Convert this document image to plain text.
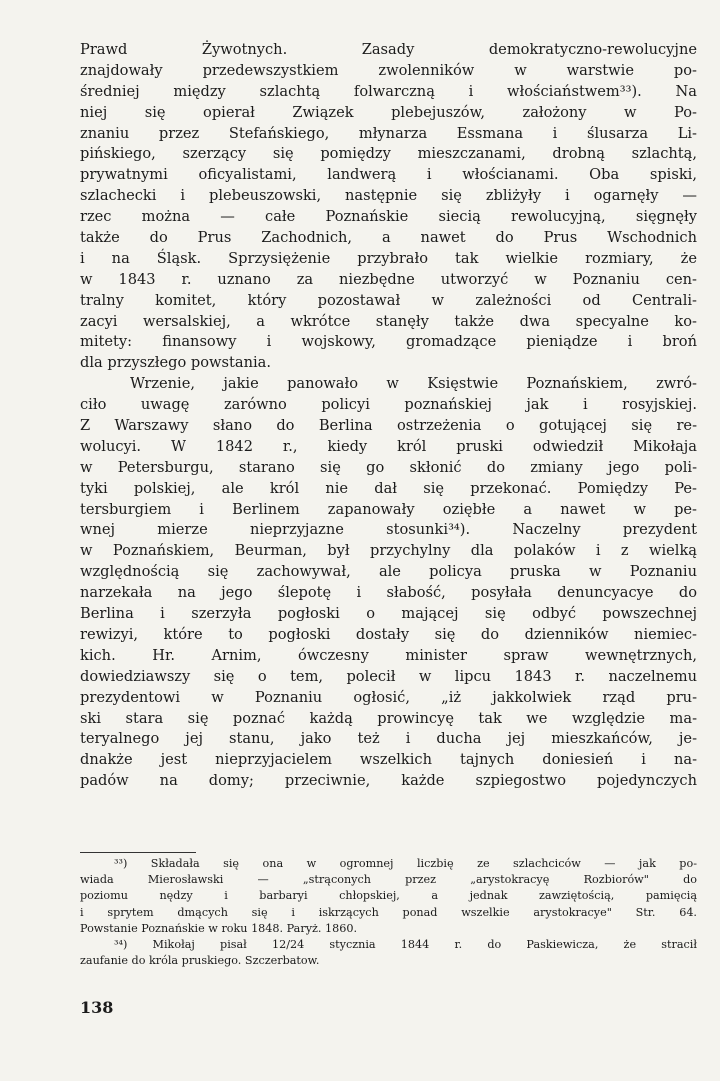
Prawd Żywotnych. Zasady demokratyczno-rewolucyjne
znajdowały przedewszystkiem zwolenników w warstwie po-
średniej między szlachtą folwarczną i włościaństwem³³). Na
niej się opierał Związek plebejuszów, założony w Po-
znaniu przez Stefańskiego, młynarza Essmana i ślusarza Li-
pińskiego, szerzący się pomiędzy mieszczanami, drobną szlachtą,
prywatnymi oficyalistami, landwerą i włościanami. Oba spiski,
szlachecki i plebeuszowski, następnie się zbliżyły i ogarnęły —
rzec można — całe Poznańskie siecią rewolucyjną, sięgnęły
także do Prus Zachodnich, a nawet do Prus Wschodnich
i na Śląsk. Sprzysiężenie przybrało tak wielkie rozmiary, że
w 1843 r. uznano za niezbędne utworzyć w Poznaniu cen-
tralny komitet, który pozostawał w zależności od Centrali-
zacyi wersalskiej, a wkrótce stanęły także dwa specyalne ko-
mitety: finansowy i wojskowy, gromadzące pieniądze i broń
dla przyszłego powstania.
Wrzenie, jakie panowało w Księstwie Poznańskiem, zwró-
ciło uwagę zarówno policyi poznańskiej jak i rosyjskiej.
Z Warszawy słano do Berlina ostrzeżenia o gotującej się re-
wolucyi. W 1842 r., kiedy król pruski odwiedził Mikołaja
w Petersburgu, starano się go skłonić do zmiany jego poli-
tyki polskiej, ale król nie dał się przekonać. Pomiędzy Pe-
tersburgiem i Berlinem zapanowały oziębłe a nawet w pe-
wnej mierze nieprzyjazne stosunki³⁴). Naczelny prezydent
w Poznańskiem, Beurman, był przychylny dla polaków i z wielką
względnością się zachowywał, ale policya pruska w Poznaniu
narzekała na jego ślepotę i słabość, posyłała denuncyacye do
Berlina i szerzyła pogłoski o mającej się odbyć powszechnej
rewizyi, które to pogłoski dostały się do dzienników niemiec-
kich. Hr. Arnim, ówczesny minister spraw wewnętrznych,
dowiedziawszy się o tem, polecił w lipcu 1843 r. naczelnemu
prezydentowi w Poznaniu ogłosić, „iż jakkolwiek rząd pru-
ski stara się poznać każdą prowincyę tak we względzie ma-
teryalnego jej stanu, jako też i ducha jej mieszkańców, je-
dnakże jest nieprzyjacielem wszelkich tajnych doniesień i na-
padów na domy; przeciwnie, każde szpiegostwo pojedynczych
³³) Składała się ona w ogromnej liczbię ze szlachciców — jak po-
wiada Mierosławski — „strąconych przez „arystokracyę Rozbiorów" do
poziomu nędzy i barbaryi chłopskiej, a jednak zawziętością, pamięcią
i sprytem dmących się i iskrzących ponad wszelkie arystokracye" Str. 64.
Powstanie Poznańskie w roku 1848. Paryż. 1860.
³⁴) Mikołaj pisał 12/24 stycznia 1844 r. do Paskiewicza, że stracił
zaufanie do króla pruskiego. Szczerbatow.
138
